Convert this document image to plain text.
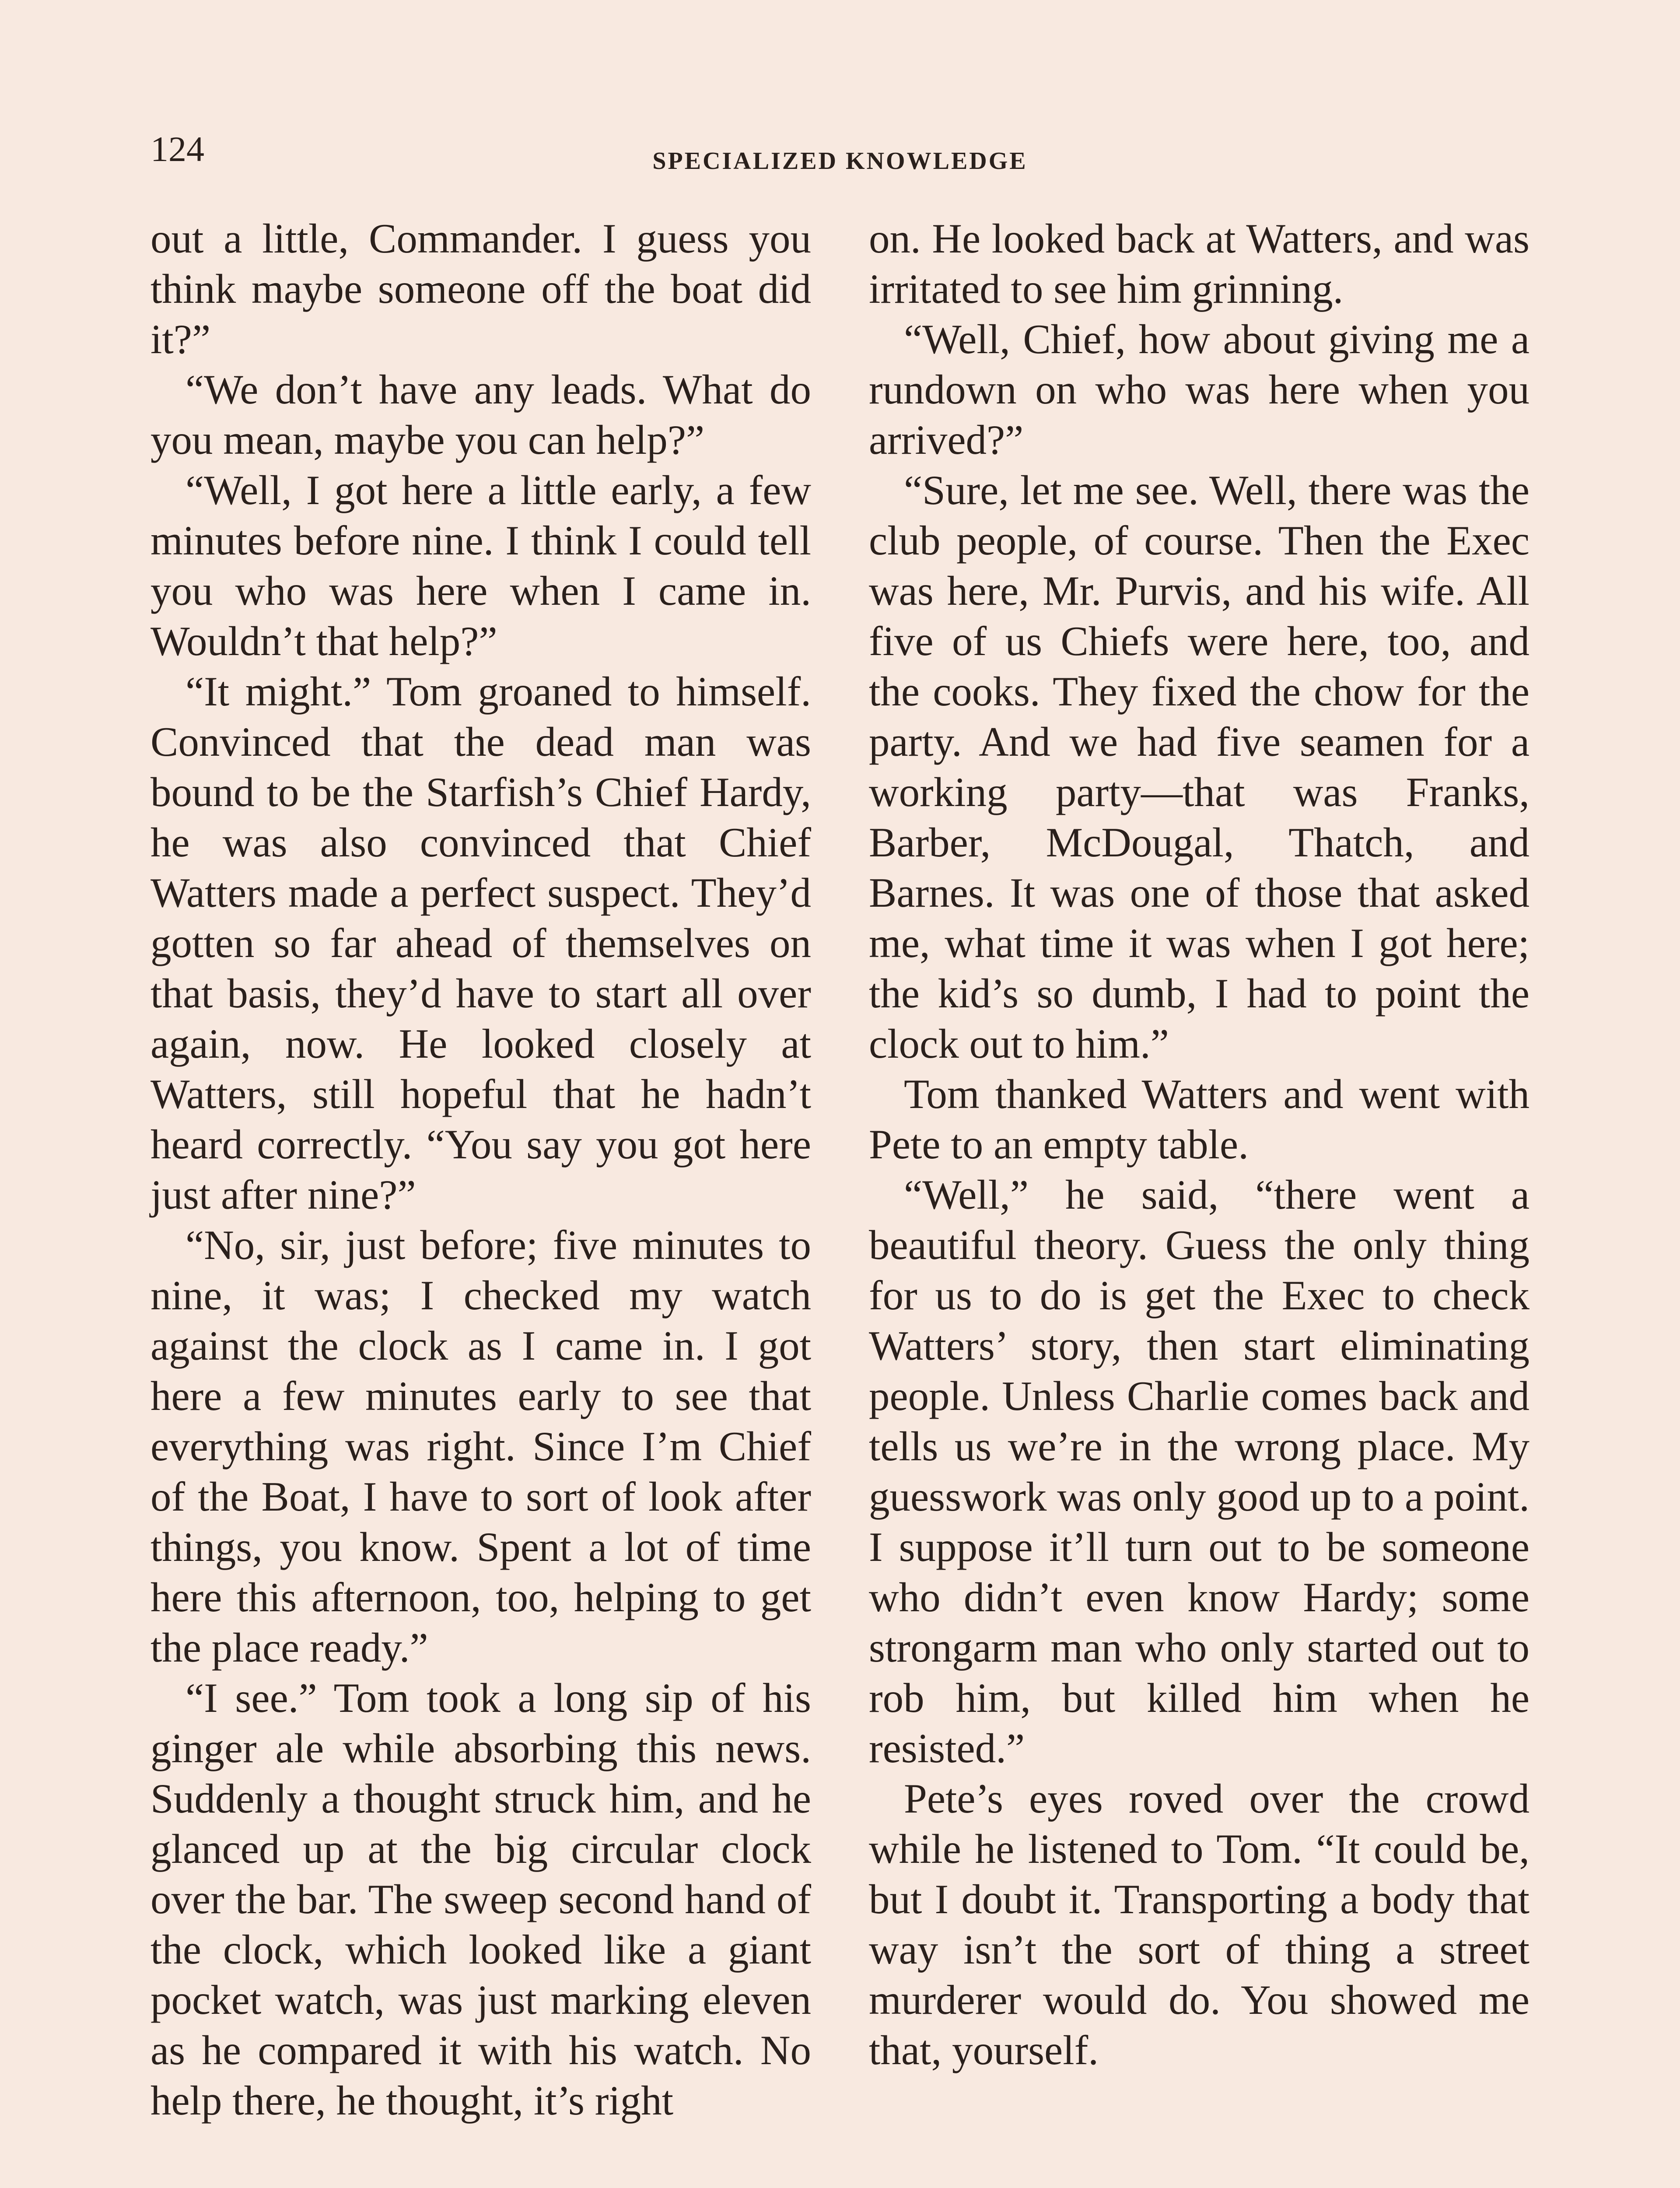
124	SPECIALIZED KNOWLEDGE

out a little, Commander. I guess you think maybe someone off the boat did it?”

“We don’t have any leads. What do you mean, maybe you can help?”

“Well, I got here a little early, a few minutes before nine. I think I could tell you who was here when I came in. Wouldn’t that help?”

“It might.” Tom groaned to himself. Convinced that the dead man was bound to be the Starfish’s Chief Hardy, he was also convinced that Chief Watters made a perfect suspect. They’d gotten so far ahead of themselves on that basis, they’d have to start all over again, now. He looked closely at Watters, still hopeful that he hadn’t heard correctly. “You say you got here just after nine?”

“No, sir, just before; five minutes to nine, it was; I checked my watch against the clock as I came in. I got here a few minutes early to see that everything was right. Since I’m Chief of the Boat, I have to sort of look after things, you know. Spent a lot of time here this afternoon, too, helping to get the place ready.”

“I see.” Tom took a long sip of his ginger ale while absorbing this news. Suddenly a thought struck him, and he glanced up at the big circular clock over the bar. The sweep second hand of the clock, which looked like a giant pocket watch, was just marking eleven as he compared it with his watch. No help there, he thought, it’s right

on. He looked back at Watters, and was irritated to see him grinning.

“Well, Chief, how about giving me a rundown on who was here when you arrived?”

“Sure, let me see. Well, there was the club people, of course. Then the Exec was here, Mr. Purvis, and his wife. All five of us Chiefs were here, too, and the cooks. They fixed the chow for the party. And we had five seamen for a working party—that was Franks, Barber, McDougal, Thatch, and Barnes. It was one of those that asked me, what time it was when I got here; the kid’s so dumb, I had to point the clock out to him.”

Tom thanked Watters and went with Pete to an empty table.

“Well,” he said, “there went a beautiful theory. Guess the only thing for us to do is get the Exec to check Watters’ story, then start eliminating people. Unless Charlie comes back and tells us we’re in the wrong place. My guesswork was only good up to a point. I suppose it’ll turn out to be someone who didn’t even know Hardy; some strongarm man who only started out to rob him, but killed him when he resisted.”

Pete’s eyes roved over the crowd while he listened to Tom. “It could be, but I doubt it. Transporting a body that way isn’t the sort of thing a street murderer would do. You showed me that, yourself.
